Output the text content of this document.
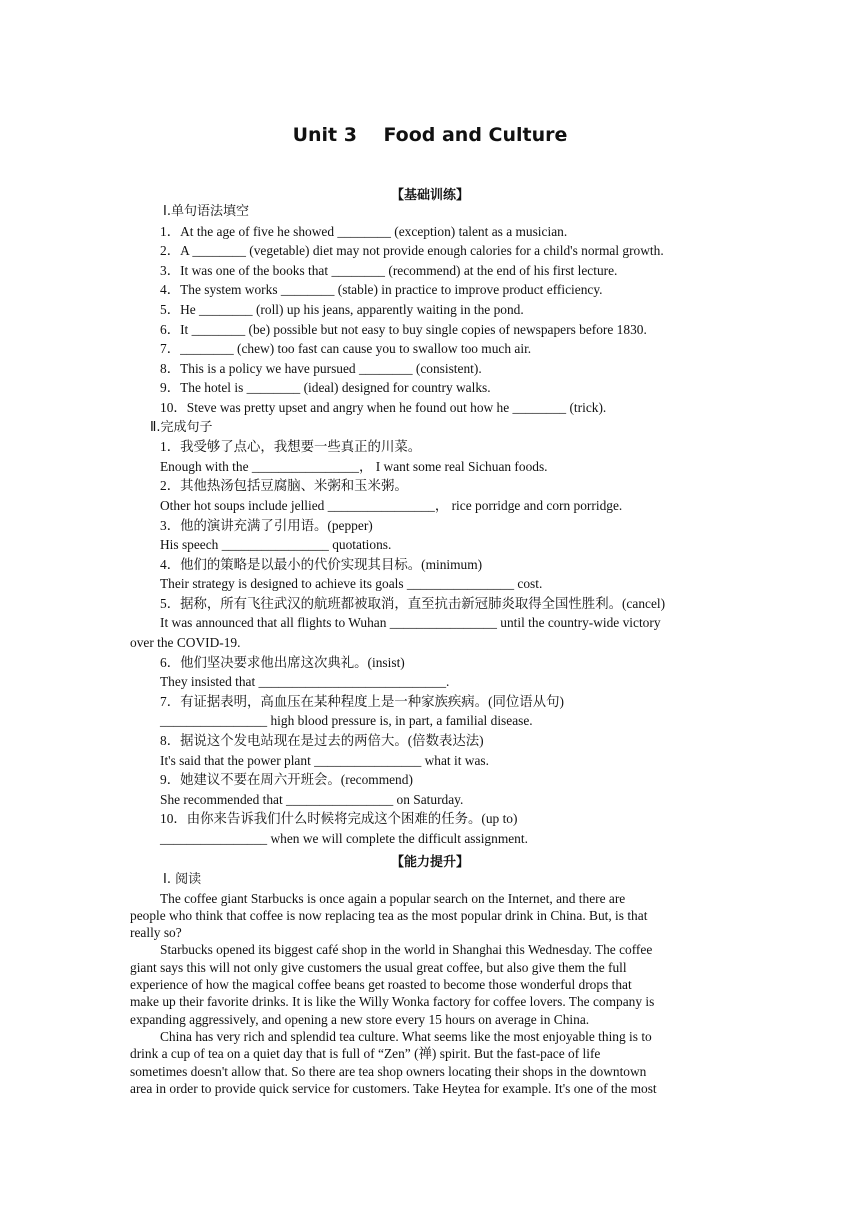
Unit 3    Food and Culture
【基础训练】
Ⅰ.单句语法填空
1．At the age of five he showed ________ (exception) talent as a musician.
2．A ________ (vegetable) diet may not provide enough calories for a child's normal growth.
3．It was one of the books that ________ (recommend) at the end of his first lecture.
4．The system works ________ (stable) in practice to improve product efficiency.
5．He ________ (roll) up his jeans, apparently waiting in the pond.
6．It ________ (be) possible but not easy to buy single copies of newspapers before 1830.
7．________ (chew) too fast can cause you to swallow too much air.
8．This is a policy we have pursued ________ (consistent).
9．The hotel is ________ (ideal) designed for country walks.
10．Steve was pretty upset and angry when he found out how he ________ (trick).
Ⅱ.完成句子
1．我受够了点心，我想要一些真正的川菜。
Enough with the ________________， I want some real Sichuan foods.
2．其他热汤包括豆腐脑、米粥和玉米粥。
Other hot soups include jellied ________________， rice porridge and corn porridge.
3．他的演讲充满了引用语。(pepper)
His speech ________________ quotations.
4．他们的策略是以最小的代价实现其目标。(minimum)
Their strategy is designed to achieve its goals ________________ cost.
5．据称，所有飞往武汉的航班都被取消，直至抗击新冠肺炎取得全国性胜利。(cancel)
It was announced that all flights to Wuhan ________________ until the country-wide victory
over the COVID-19.
6．他们坚决要求他出席这次典礼。(insist)
They insisted that ____________________________.
7．有证据表明，高血压在某种程度上是一种家族疾病。(同位语从句)
________________ high blood pressure is, in part, a familial disease.
8．据说这个发电站现在是过去的两倍大。(倍数表达法)
It's said that the power plant ________________ what it was.
9．她建议不要在周六开班会。(recommend)
She recommended that ________________ on Saturday.
10．由你来告诉我们什么时候将完成这个困难的任务。(up to)
________________ when we will complete the difficult assignment.
【能力提升】
Ⅰ. 阅读
The coffee giant Starbucks is once again a popular search on the Internet, and there are
people who think that coffee is now replacing tea as the most popular drink in China. But, is that
really so?
Starbucks opened its biggest café shop in the world in Shanghai this Wednesday. The coffee
giant says this will not only give customers the usual great coffee, but also give them the full
experience of how the magical coffee beans get roasted to become those wonderful drops that
make up their favorite drinks. It is like the Willy Wonka factory for coffee lovers. The company is
expanding aggressively, and opening a new store every 15 hours on average in China.
China has very rich and splendid tea culture. What seems like the most enjoyable thing is to
drink a cup of tea on a quiet day that is full of “Zen” (禅) spirit. But the fast-pace of life
sometimes doesn't allow that. So there are tea shop owners locating their shops in the downtown
area in order to provide quick service for customers. Take Heytea for example. It's one of the most
